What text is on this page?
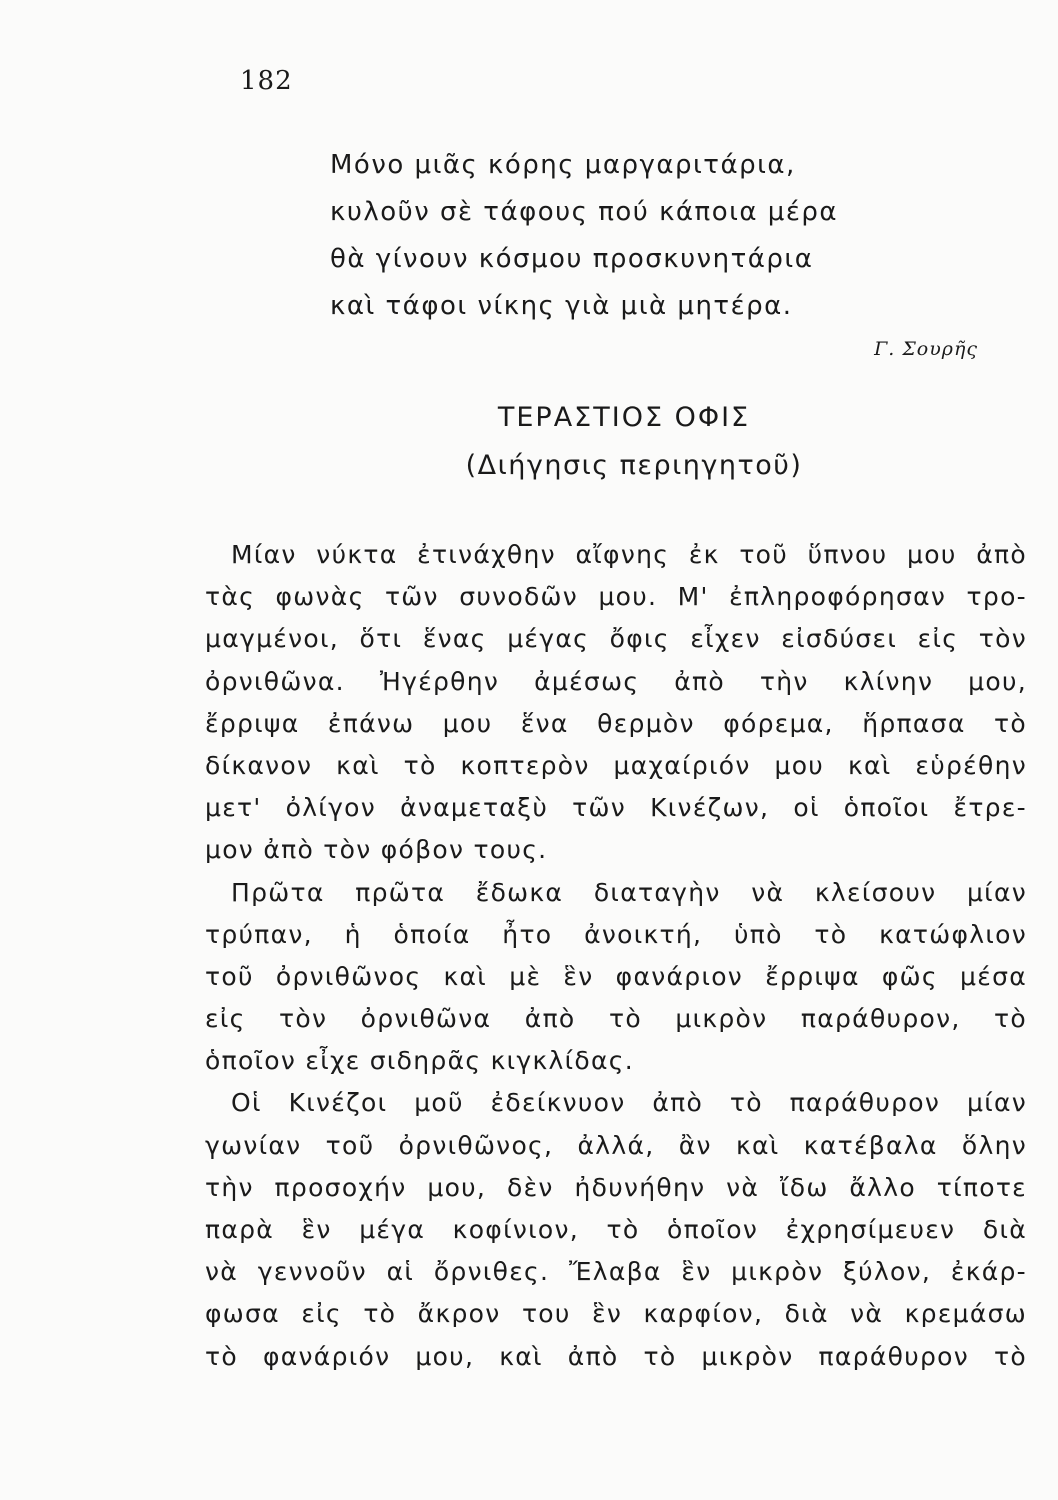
182
Μόνο μιᾶς κόρης μαργαριτάρια,
κυλοῦν σὲ τάφους πού κάποια μέρα
θὰ γίνουν κόσμου προσκυνητάρια
καὶ τάφοι νίκης γιὰ μιὰ μητέρα.
Γ. Σουρῆς
ΤΕΡΑΣΤΙΟΣ ΟΦΙΣ
(Διήγησις περιηγητοῦ)
Μίαν νύκτα ἐτινάχθην αἴφνης ἐκ τοῦ ὕπνου μου ἀπὸ
τὰς φωνὰς τῶν συνοδῶν μου. Μ' ἐπληροφόρησαν τρο-
μαγμένοι, ὅτι ἕνας μέγας ὄφις εἶχεν εἰσδύσει εἰς τὸν
ὀρνιθῶνα. Ἠγέρθην ἀμέσως ἀπὸ τὴν κλίνην μου,
ἔρριψα ἐπάνω μου ἕνα θερμὸν φόρεμα, ἥρπασα τὸ
δίκανον καὶ τὸ κοπτερὸν μαχαίριόν μου καὶ εὑρέθην
μετ' ὀλίγον ἀναμεταξὺ τῶν Κινέζων, οἱ ὁποῖοι ἔτρε-
μον ἀπὸ τὸν φόβον τους.
Πρῶτα πρῶτα ἔδωκα διαταγὴν νὰ κλείσουν μίαν
τρύπαν, ἡ ὁποία ἦτο ἀνοικτή, ὑπὸ τὸ κατώφλιον
τοῦ ὀρνιθῶνος καὶ μὲ ἓν φανάριον ἔρριψα φῶς μέσα
εἰς τὸν ὀρνιθῶνα ἀπὸ τὸ μικρὸν παράθυρον, τὸ
ὁποῖον εἶχε σιδηρᾶς κιγκλίδας.
Οἱ Κινέζοι μοῦ ἐδείκνυον ἀπὸ τὸ παράθυρον μίαν
γωνίαν τοῦ ὀρνιθῶνος, ἀλλά, ἂν καὶ κατέβαλα ὅλην
τὴν προσοχήν μου, δὲν ἠδυνήθην νὰ ἴδω ἄλλο τίποτε
παρὰ ἓν μέγα κοφίνιον, τὸ ὁποῖον ἐχρησίμευεν διὰ
νὰ γεννοῦν αἱ ὄρνιθες. Ἔλαβα ἓν μικρὸν ξύλον, ἐκάρ-
φωσα εἰς τὸ ἄκρον του ἓν καρφίον, διὰ νὰ κρεμάσω
τὸ φανάριόν μου, καὶ ἀπὸ τὸ μικρὸν παράθυρον τὸ
